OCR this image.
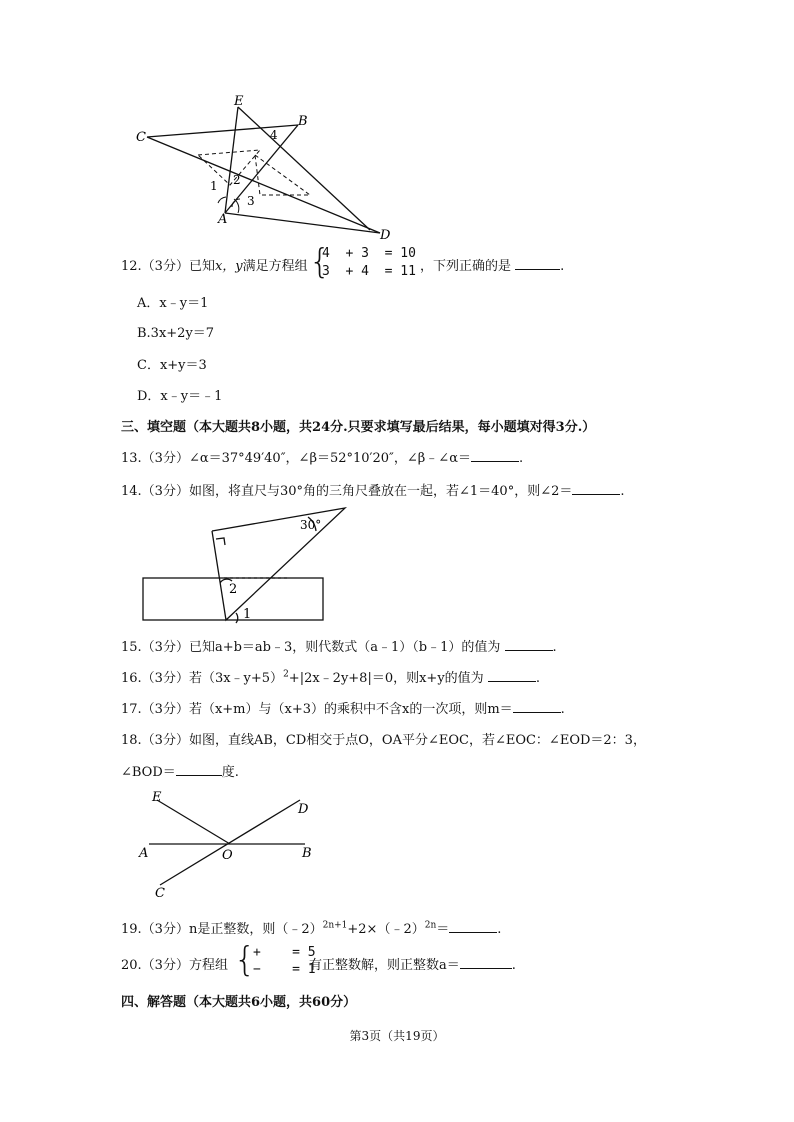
E
B
C
A
D
1 2
3
4
12.（3分）已知x，y满足方程组 {
4  + 3  = 10
3  + 4  = 11 ，下列正确的是	.
A．x﹣y＝1
B.3x+2y＝7
C．x+y＝3
D．x﹣y＝﹣1
三、填空题（本大题共8小题，共24分.只要求填写最后结果，每小题填对得3分.）
13.（3分）∠α＝37°49′40″，∠β＝52°10′20″，∠β﹣∠α＝	.
14.（3分）如图，将直尺与30°角的三角尺叠放在一起，若∠1＝40°，则∠2＝	.
30°
2
1
15.（3分）已知a+b＝ab﹣3，则代数式（a﹣1）（b﹣1）的值为	.
16.（3分）若（3x﹣y+5）$^2$+|2x﹣2y+8|＝0，则x+y的值为	.
17.（3分）若（x+m）与（x+3）的乘积中不含x的一次项，则m＝	.
18.（3分）如图，直线AB，CD相交于点O，OA平分∠EOC，若∠EOC：∠EOD＝2：3，
∠BOD＝	度.
E
D
A	O	B
C
19.（3分）n是正整数，则（﹣2）$^{2n+1}$+2×（﹣2）$^{2n}$＝	.
20.（3分）方程组 {
+    = 5
−    = 1
有正整数解，则正整数a＝	.
四、解答题（本大题共6小题，共60分）
第3页（共19页）
